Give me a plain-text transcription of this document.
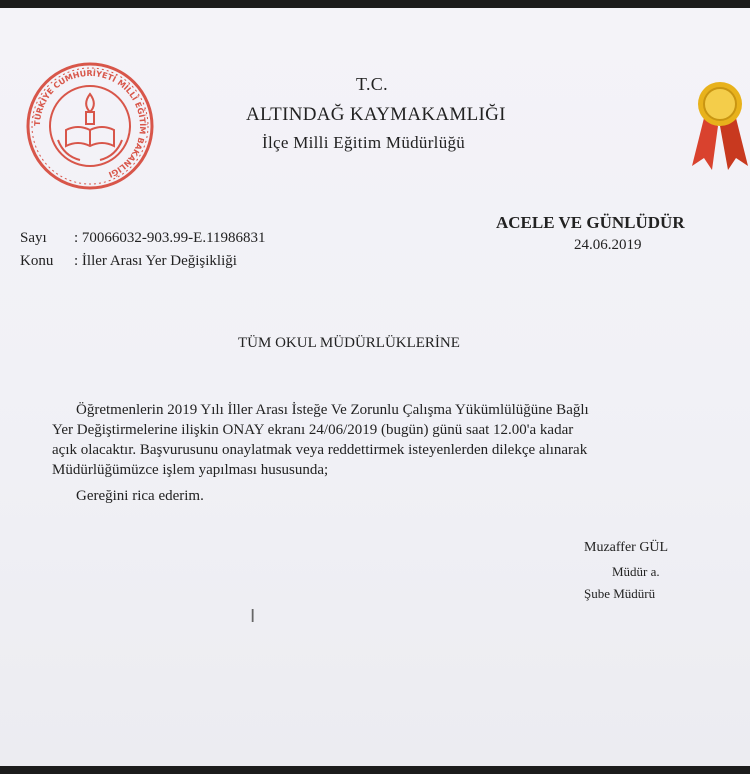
TÜRKİYE CUMHURİYETİ MİLLÎ EĞİTİM BAKANLIĞI
T.C.
ALTINDAĞ KAYMAKAMLIĞI
İlçe Milli Eğitim Müdürlüğü
ACELE VE GÜNLÜDÜR
24.06.2019
Sayı : 70066032-903.99-E.11986831
Konu : İller Arası Yer Değişikliği
TÜM OKUL MÜDÜRLÜKLERİNE
Öğretmenlerin 2019 Yılı İller Arası İsteğe Ve Zorunlu Çalışma Yükümlülüğüne Bağlı
Yer Değiştirmelerine ilişkin ONAY ekranı 24/06/2019 (bugün) günü saat 12.00'a kadar
açık olacaktır. Başvurusunu onaylatmak veya reddettirmek isteyenlerden dilekçe alınarak
Müdürlüğümüzce işlem yapılması hususunda;
Gereğini rica ederim.
Muzaffer GÜL
Müdür a.
Şube Müdürü
I
